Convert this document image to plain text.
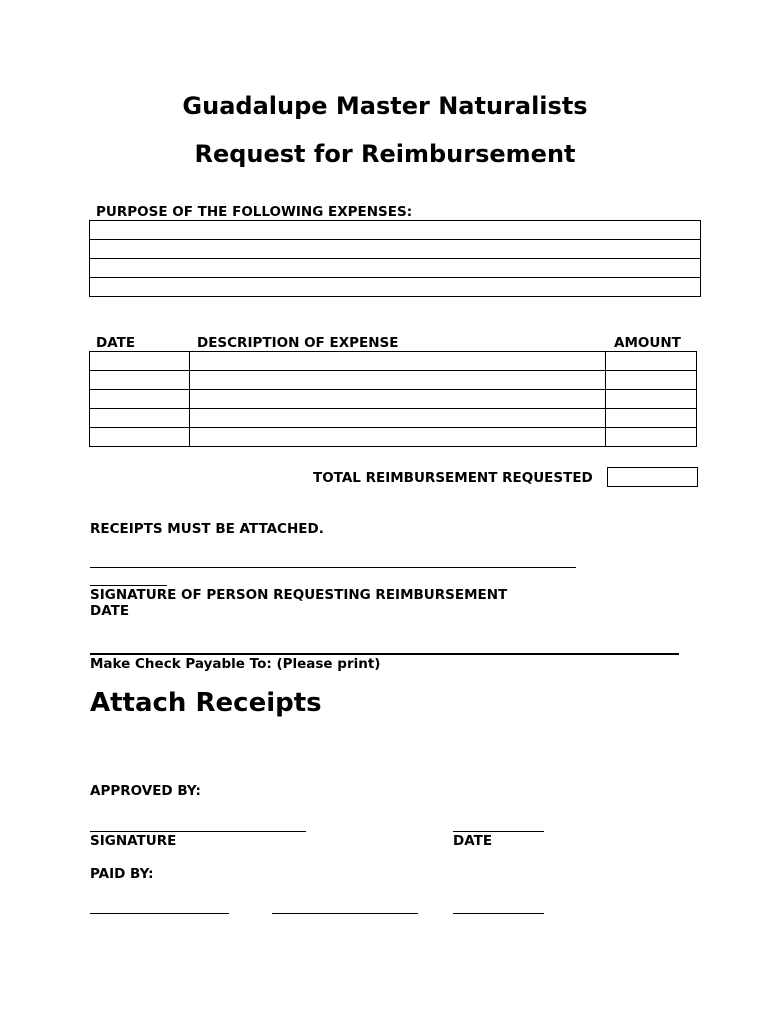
Guadalupe Master Naturalists
Request for Reimbursement
PURPOSE OF THE FOLLOWING EXPENSES:

DATE	DESCRIPTION OF EXPENSE	AMOUNT

TOTAL REIMBURSEMENT REQUESTED
RECEIPTS MUST BE ATTACHED.
SIGNATURE OF PERSON REQUESTING REIMBURSEMENT
DATE
Make Check Payable To: (Please print)
Attach Receipts
APPROVED BY:
SIGNATURE	DATE
PAID BY:
